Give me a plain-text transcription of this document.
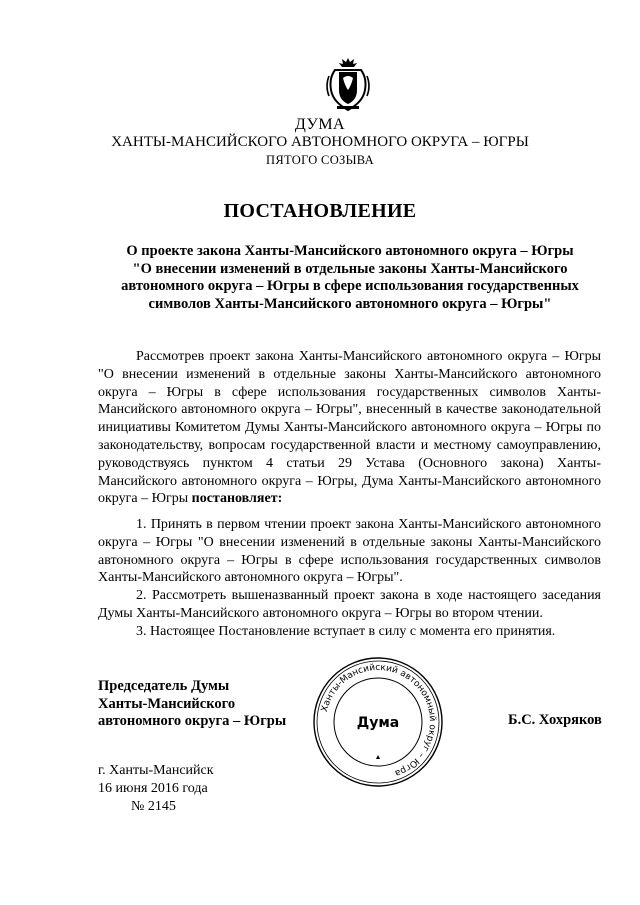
ДУМА
ХАНТЫ-МАНСИЙСКОГО АВТОНОМНОГО ОКРУГА – ЮГРЫ
ПЯТОГО СОЗЫВА
ПОСТАНОВЛЕНИЕ
О проекте закона Ханты-Мансийского автономного округа – Югры
"О внесении изменений в отдельные законы Ханты-Мансийского
автономного округа – Югры в сфере использования государственных
символов Ханты-Мансийского автономного округа – Югры"
Рассмотрев проект закона Ханты-Мансийского автономного округа – Югры "О внесении изменений в отдельные законы Ханты-Мансийского автономного округа – Югры в сфере использования государственных символов Ханты-Мансийского автономного округа – Югры", внесенный в качестве законодательной инициативы Комитетом Думы Ханты-Мансийского автономного округа – Югры по законодательству, вопросам государственной власти и местному самоуправлению, руководствуясь пунктом 4 статьи 29 Устава (Основного закона) Ханты-Мансийского автономного округа – Югры, Дума Ханты-Мансийского автономного округа – Югры постановляет:

1. Принять в первом чтении проект закона Ханты-Мансийского автономного округа – Югры "О внесении изменений в отдельные законы Ханты-Мансийского автономного округа – Югры в сфере использования государственных символов Ханты-Мансийского автономного округа – Югры".

2. Рассмотреть вышеназванный проект закона в ходе настоящего заседания Думы Ханты-Мансийского автономного округа – Югры во втором чтении.

3. Настоящее Постановление вступает в силу с момента его принятия.

Председатель Думы
Ханты-Мансийского
автономного округа – Югры
Ханты-Мансийский автономный округ – Югра
Дума	Б.С. Хохряков
г. Ханты-Мансийск
16 июня 2016 года
№ 2145
